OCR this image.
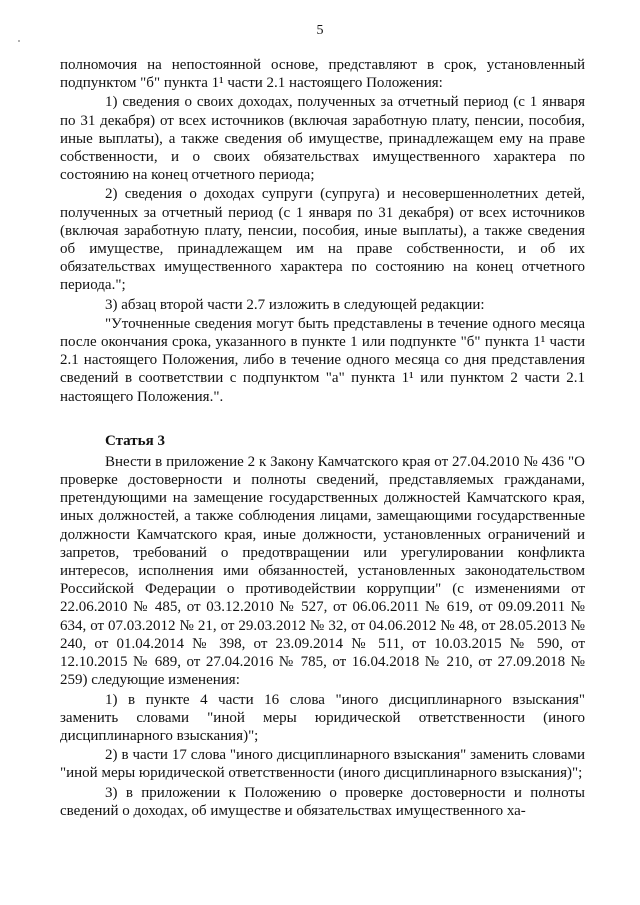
5

полномочия на непостоянной основе, представляют в срок, установленный подпунктом "б" пункта 1¹ части 2.1 настоящего Положения:

1) сведения о своих доходах, полученных за отчетный период (с 1 января по 31 декабря) от всех источников (включая заработную плату, пенсии, пособия, иные выплаты), а также сведения об имуществе, принадлежащем ему на праве собственности, и о своих обязательствах имущественного характера по состоянию на конец отчетного периода;

2) сведения о доходах супруги (супруга) и несовершеннолетних детей, полученных за отчетный период (с 1 января по 31 декабря) от всех источников (включая заработную плату, пенсии, пособия, иные выплаты), а также сведения об имуществе, принадлежащем им на праве собственности, и об их обязательствах имущественного характера по состоянию на конец отчетного периода.";

3) абзац второй части 2.7 изложить в следующей редакции:

"Уточненные сведения могут быть представлены в течение одного месяца после окончания срока, указанного в пункте 1 или подпункте "б" пункта 1¹ части 2.1 настоящего Положения, либо в течение одного месяца со дня представления сведений в соответствии с подпунктом "а" пункта 1¹ или пунктом 2 части 2.1 настоящего Положения.".

Статья 3

Внести в приложение 2 к Закону Камчатского края от 27.04.2010 № 436 "О проверке достоверности и полноты сведений, представляемых гражданами, претендующими на замещение государственных должностей Камчатского края, иных должностей, а также соблюдения лицами, замещающими государственные должности Камчатского края, иные должности, установленных ограничений и запретов, требований о предотвращении или урегулировании конфликта интересов, исполнения ими обязанностей, установленных законодательством Российской Федерации о противодействии коррупции" (с изменениями от 22.06.2010 № 485, от 03.12.2010 № 527, от 06.06.2011 № 619, от 09.09.2011 № 634, от 07.03.2012 № 21, от 29.03.2012 № 32, от 04.06.2012 № 48, от 28.05.2013 № 240, от 01.04.2014 № 398, от 23.09.2014 № 511, от 10.03.2015 № 590, от 12.10.2015 № 689, от 27.04.2016 № 785, от 16.04.2018 № 210, от 27.09.2018 № 259) следующие изменения:

1) в пункте 4 части 16 слова "иного дисциплинарного взыскания" заменить словами "иной меры юридической ответственности (иного дисциплинарного взыскания)";

2) в части 17 слова "иного дисциплинарного взыскания" заменить словами "иной меры юридической ответственности (иного дисциплинарного взыскания)";

3) в приложении к Положению о проверке достоверности и полноты сведений о доходах, об имуществе и обязательствах имущественного ха-
